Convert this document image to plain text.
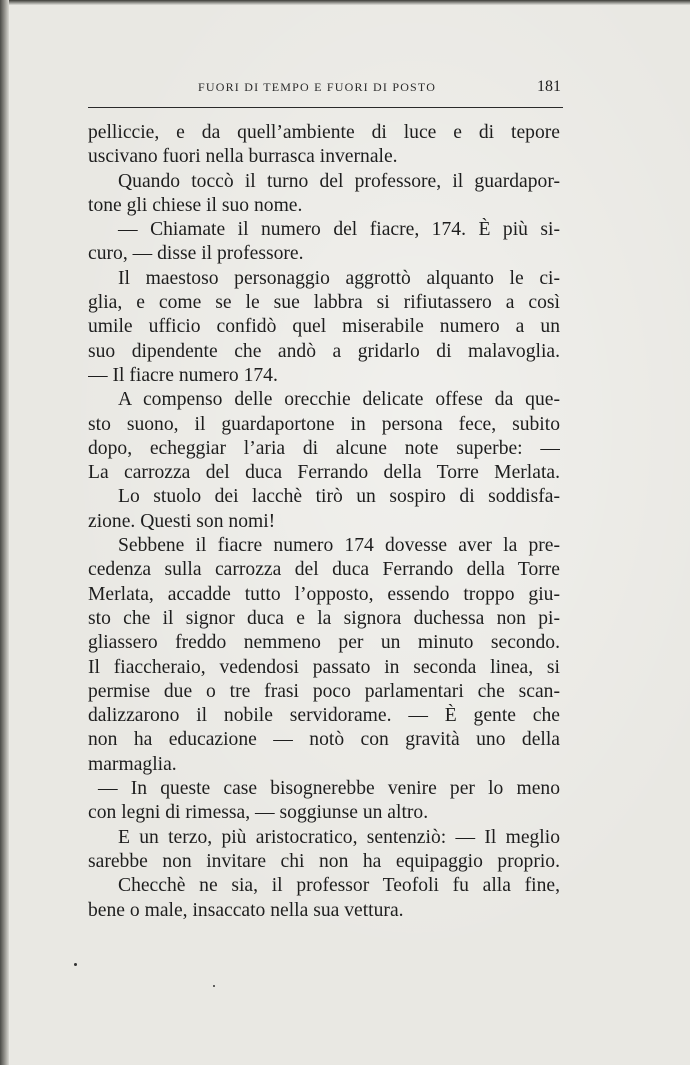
FUORI DI TEMPO E FUORI DI POSTO	181
pelliccie, e da quell’ambiente di luce e di tepore
uscivano fuori nella burrasca invernale.
Quando toccò il turno del professore, il guardapor-
tone gli chiese il suo nome.
— Chiamate il numero del fiacre, 174. È più si-
curo, — disse il professore.
Il maestoso personaggio aggrottò alquanto le ci-
glia, e come se le sue labbra si rifiutassero a così
umile ufficio confidò quel miserabile numero a un
suo dipendente che andò a gridarlo di malavoglia.
— Il fiacre numero 174.
A compenso delle orecchie delicate offese da que-
sto suono, il guardaportone in persona fece, subito
dopo, echeggiar l’aria di alcune note superbe: —
La carrozza del duca Ferrando della Torre Merlata.
Lo stuolo dei lacchè tirò un sospiro di soddisfa-
zione. Questi son nomi!
Sebbene il fiacre numero 174 dovesse aver la pre-
cedenza sulla carrozza del duca Ferrando della Torre
Merlata, accadde tutto l’opposto, essendo troppo giu-
sto che il signor duca e la signora duchessa non pi-
gliassero freddo nemmeno per un minuto secondo.
Il fiaccheraio, vedendosi passato in seconda linea, si
permise due o tre frasi poco parlamentari che scan-
dalizzarono il nobile servidorame. — È gente che
non ha educazione — notò con gravità uno della
marmaglia.
— In queste case bisognerebbe venire per lo meno
con legni di rimessa, — soggiunse un altro.
E un terzo, più aristocratico, sentenziò: — Il meglio
sarebbe non invitare chi non ha equipaggio proprio.
Checchè ne sia, il professor Teofoli fu alla fine,
bene o male, insaccato nella sua vettura.
